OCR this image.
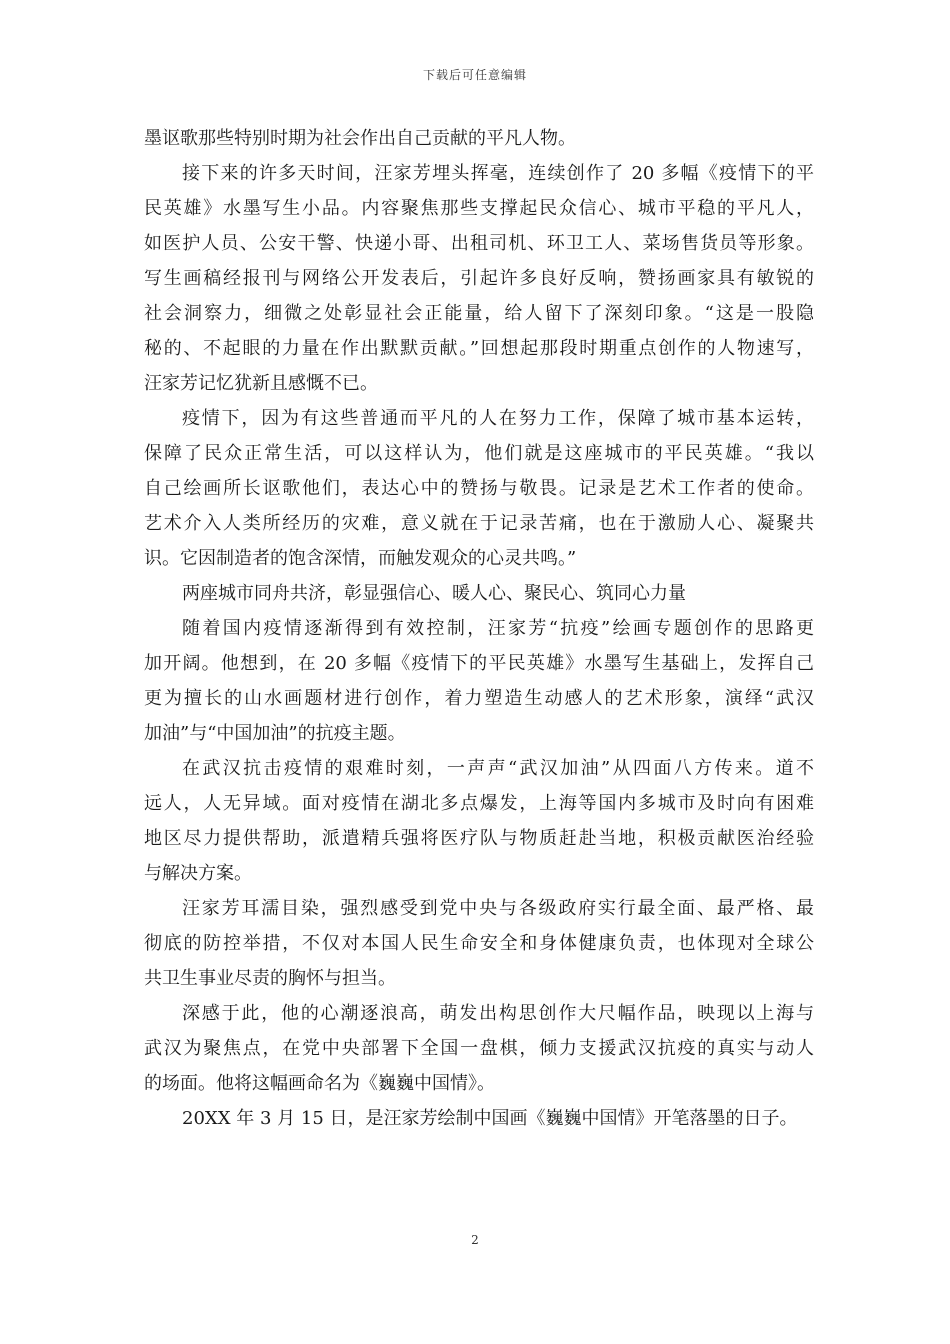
下载后可任意编辑
墨讴歌那些特别时期为社会作出自己贡献的平凡人物。
接下来的许多天时间，汪家芳埋头挥毫，连续创作了 20 多幅《疫情下的平
民英雄》水墨写生小品。内容聚焦那些支撑起民众信心、城市平稳的平凡人，
如医护人员、公安干警、快递小哥、出租司机、环卫工人、菜场售货员等形象。
写生画稿经报刊与网络公开发表后，引起许多良好反响，赞扬画家具有敏锐的
社会洞察力，细微之处彰显社会正能量，给人留下了深刻印象。“这是一股隐
秘的、不起眼的力量在作出默默贡献。”回想起那段时期重点创作的人物速写，
汪家芳记忆犹新且感慨不已。
疫情下，因为有这些普通而平凡的人在努力工作，保障了城市基本运转，
保障了民众正常生活，可以这样认为，他们就是这座城市的平民英雄。“我以
自己绘画所长讴歌他们，表达心中的赞扬与敬畏。记录是艺术工作者的使命。
艺术介入人类所经历的灾难，意义就在于记录苦痛，也在于激励人心、凝聚共
识。它因制造者的饱含深情，而触发观众的心灵共鸣。”
两座城市同舟共济，彰显强信心、暖人心、聚民心、筑同心力量
随着国内疫情逐渐得到有效控制，汪家芳“抗疫”绘画专题创作的思路更
加开阔。他想到，在 20 多幅《疫情下的平民英雄》水墨写生基础上，发挥自己
更为擅长的山水画题材进行创作，着力塑造生动感人的艺术形象，演绎“武汉
加油”与“中国加油”的抗疫主题。
在武汉抗击疫情的艰难时刻，一声声“武汉加油”从四面八方传来。道不
远人，人无异域。面对疫情在湖北多点爆发，上海等国内多城市及时向有困难
地区尽力提供帮助，派遣精兵强将医疗队与物质赶赴当地，积极贡献医治经验
与解决方案。
汪家芳耳濡目染，强烈感受到党中央与各级政府实行最全面、最严格、最
彻底的防控举措，不仅对本国人民生命安全和身体健康负责，也体现对全球公
共卫生事业尽责的胸怀与担当。
深感于此，他的心潮逐浪高，萌发出构思创作大尺幅作品，映现以上海与
武汉为聚焦点，在党中央部署下全国一盘棋，倾力支援武汉抗疫的真实与动人
的场面。他将这幅画命名为《巍巍中国情》。
20XX 年 3 月 15 日，是汪家芳绘制中国画《巍巍中国情》开笔落墨的日子。
2
